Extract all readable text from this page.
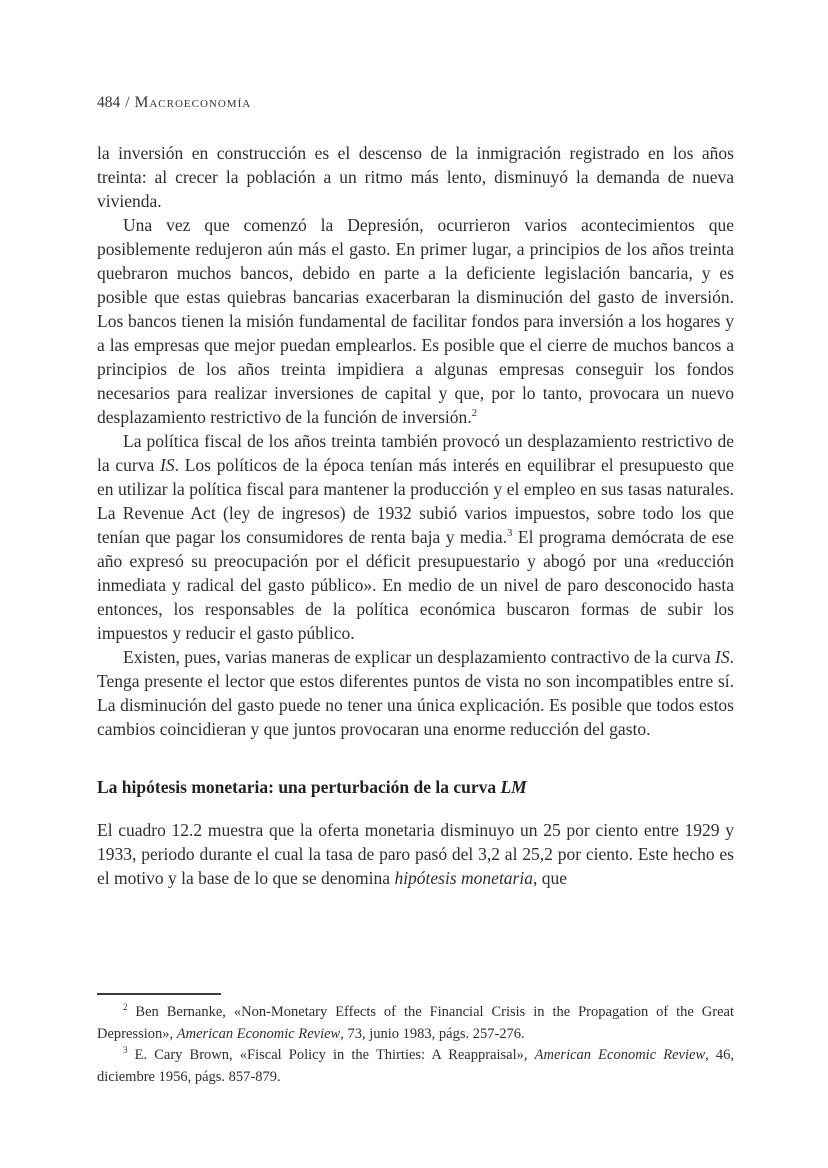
484 / Macroeconomía

la inversión en construcción es el descenso de la inmigración registrado en los años treinta: al crecer la población a un ritmo más lento, disminuyó la demanda de nueva vivienda.

Una vez que comenzó la Depresión, ocurrieron varios acontecimientos que posiblemente redujeron aún más el gasto. En primer lugar, a principios de los años treinta quebraron muchos bancos, debido en parte a la deficiente legislación bancaria, y es posible que estas quiebras bancarias exacerbaran la disminución del gasto de inversión. Los bancos tienen la misión fundamental de facilitar fondos para inversión a los hogares y a las empresas que mejor puedan emplearlos. Es posible que el cierre de muchos bancos a principios de los años treinta impidiera a algunas empresas conseguir los fondos necesarios para realizar inversiones de capital y que, por lo tanto, provocara un nuevo desplazamiento restrictivo de la función de inversión.$^2$

La política fiscal de los años treinta también provocó un desplazamiento restrictivo de la curva IS. Los políticos de la época tenían más interés en equilibrar el presupuesto que en utilizar la política fiscal para mantener la producción y el empleo en sus tasas naturales. La Revenue Act (ley de ingresos) de 1932 subió varios impuestos, sobre todo los que tenían que pagar los consumidores de renta baja y media.$^3$ El programa demócrata de ese año expresó su preocupación por el déficit presupuestario y abogó por una «reducción inmediata y radical del gasto público». En medio de un nivel de paro desconocido hasta entonces, los responsables de la política económica buscaron formas de subir los impuestos y reducir el gasto público.

Existen, pues, varias maneras de explicar un desplazamiento contractivo de la curva IS. Tenga presente el lector que estos diferentes puntos de vista no son incompatibles entre sí. La disminución del gasto puede no tener una única explicación. Es posible que todos estos cambios coincidieran y que juntos provocaran una enorme reducción del gasto.

La hipótesis monetaria: una perturbación de la curva LM

El cuadro 12.2 muestra que la oferta monetaria disminuyo un 25 por ciento entre 1929 y 1933, periodo durante el cual la tasa de paro pasó del 3,2 al 25,2 por ciento. Este hecho es el motivo y la base de lo que se denomina hipótesis monetaria, que

$^2$ Ben Bernanke, «Non-Monetary Effects of the Financial Crisis in the Propagation of the Great Depression», American Economic Review, 73, junio 1983, págs. 257-276.

$^3$ E. Cary Brown, «Fiscal Policy in the Thirties: A Reappraisal», American Economic Review, 46, diciembre 1956, págs. 857-879.
